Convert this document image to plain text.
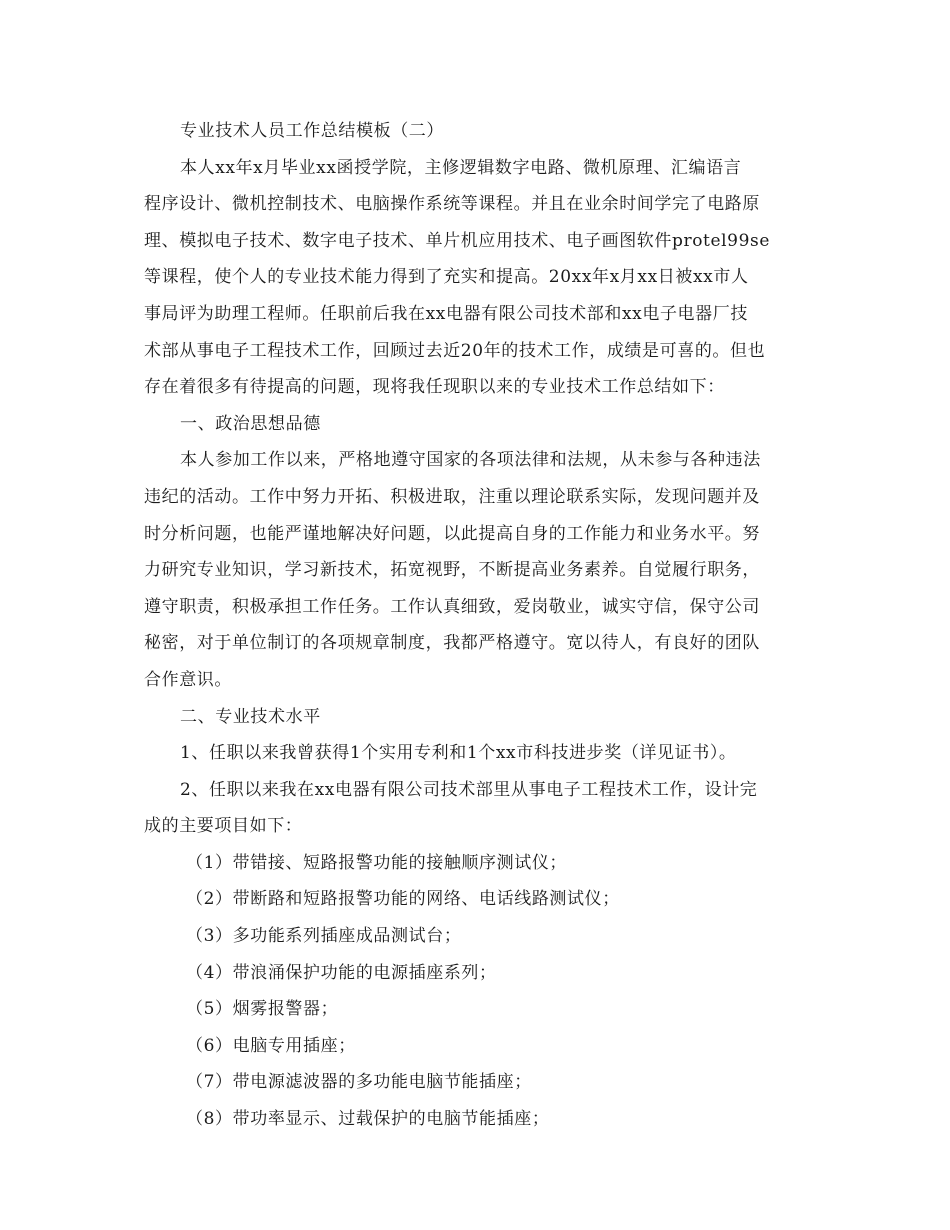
专业技术人员工作总结模板（二）
本人xx年x月毕业xx函授学院，主修逻辑数字电路、微机原理、汇编语言
程序设计、微机控制技术、电脑操作系统等课程。并且在业余时间学完了电路原
理、模拟电子技术、数字电子技术、单片机应用技术、电子画图软件protel99se
等课程，使个人的专业技术能力得到了充实和提高。20xx年x月xx日被xx市人
事局评为助理工程师。任职前后我在xx电器有限公司技术部和xx电子电器厂技
术部从事电子工程技术工作，回顾过去近20年的技术工作，成绩是可喜的。但也
存在着很多有待提高的问题，现将我任现职以来的专业技术工作总结如下：
一、政治思想品德
本人参加工作以来，严格地遵守国家的各项法律和法规，从未参与各种违法
违纪的活动。工作中努力开拓、积极进取，注重以理论联系实际，发现问题并及
时分析问题，也能严谨地解决好问题，以此提高自身的工作能力和业务水平。努
力研究专业知识，学习新技术，拓宽视野，不断提高业务素养。自觉履行职务，
遵守职责，积极承担工作任务。工作认真细致，爱岗敬业，诚实守信，保守公司
秘密，对于单位制订的各项规章制度，我都严格遵守。宽以待人，有良好的团队
合作意识。
二、专业技术水平
1、任职以来我曾获得1个实用专利和1个xx市科技进步奖（详见证书）。
2、任职以来我在xx电器有限公司技术部里从事电子工程技术工作，设计完
成的主要项目如下：
（1）带错接、短路报警功能的接触顺序测试仪；
（2）带断路和短路报警功能的网络、电话线路测试仪；
（3）多功能系列插座成品测试台；
（4）带浪涌保护功能的电源插座系列；
（5）烟雾报警器；
（6）电脑专用插座；
（7）带电源滤波器的多功能电脑节能插座；
（8）带功率显示、过载保护的电脑节能插座；
